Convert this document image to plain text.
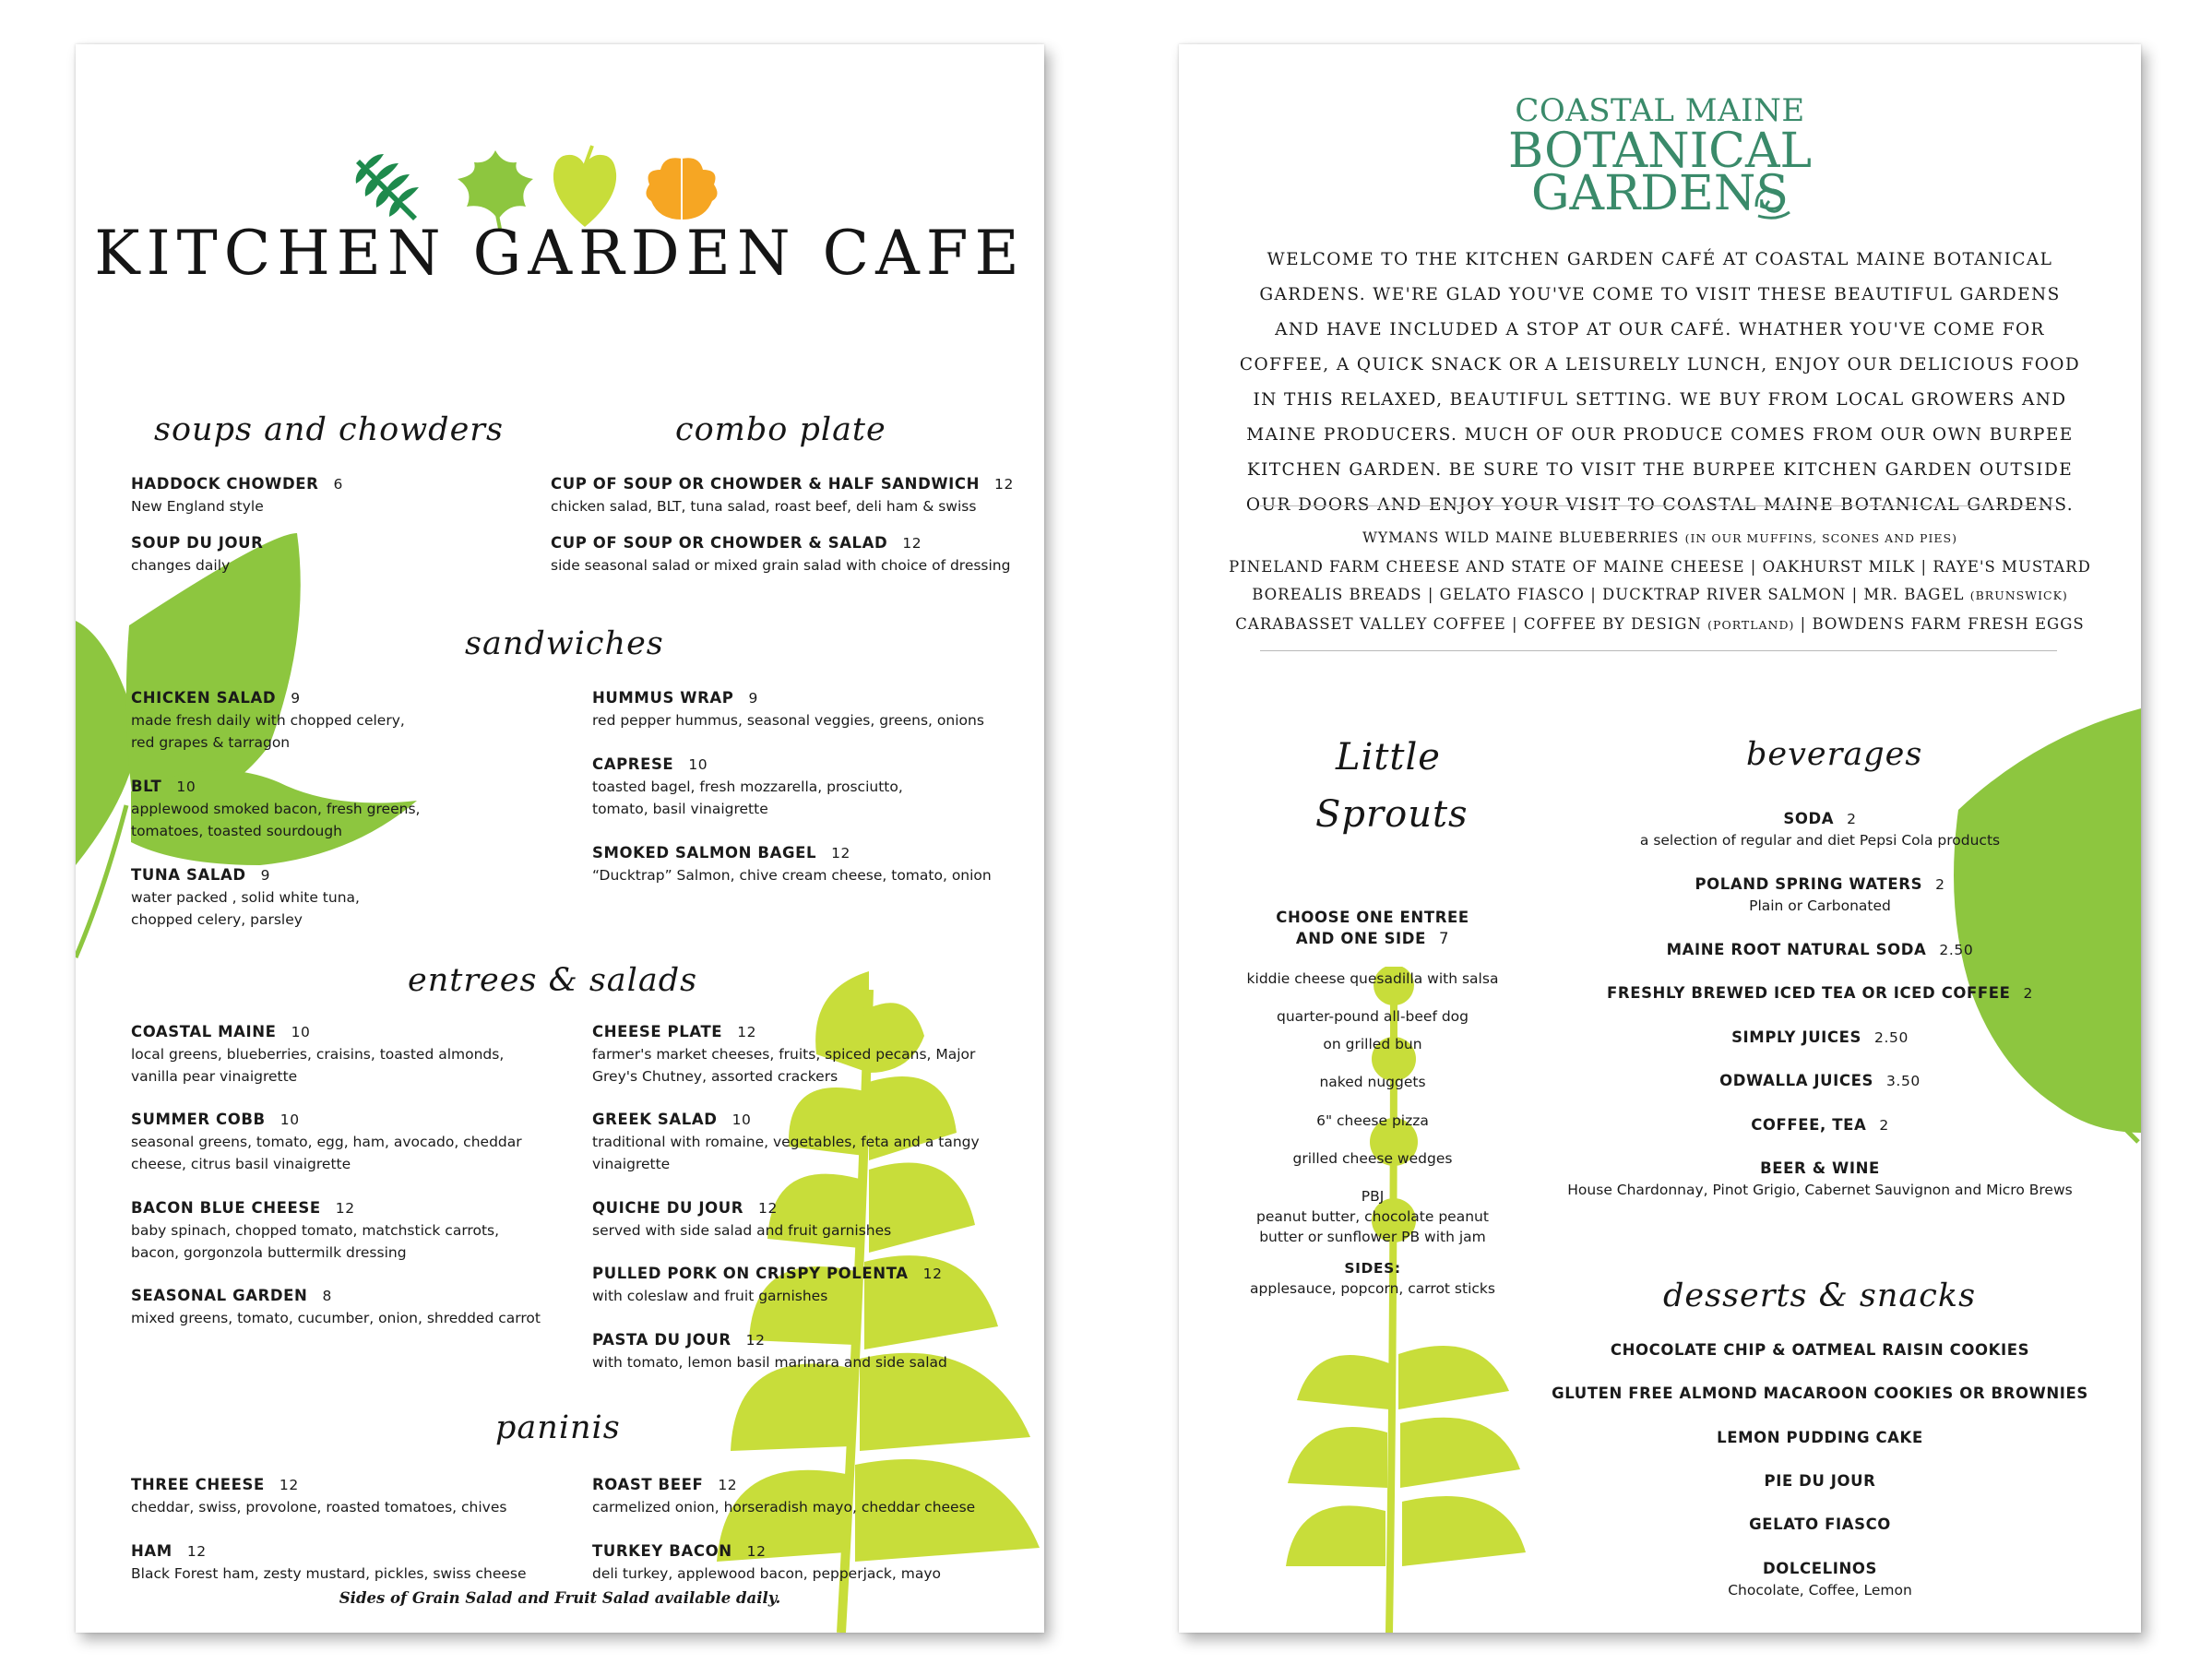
KITCHEN GARDEN CAFE
soups and chowders	combo plate
sandwiches
entrees & salads
paninis
HADDOCK CHOWDER 6
New England style
SOUP DU JOUR
changes daily
CUP OF SOUP OR CHOWDER & HALF SANDWICH 12
chicken salad, BLT, tuna salad, roast beef, deli ham & swiss
CUP OF SOUP OR CHOWDER & SALAD 12
side seasonal salad or mixed grain salad with choice of dressing
CHICKEN SALAD 9
made fresh daily with chopped celery,
red grapes & tarragon
BLT 10
applewood smoked bacon, fresh greens,
tomatoes, toasted sourdough
TUNA SALAD 9
water packed , solid white tuna,
chopped celery, parsley
HUMMUS WRAP 9
red pepper hummus, seasonal veggies, greens, onions
CAPRESE 10
toasted bagel, fresh mozzarella, prosciutto,
tomato, basil vinaigrette
SMOKED SALMON BAGEL 12
“Ducktrap” Salmon, chive cream cheese, tomato, onion
COASTAL MAINE 10
local greens, blueberries, craisins, toasted almonds,
vanilla pear vinaigrette
SUMMER COBB 10
seasonal greens, tomato, egg, ham, avocado, cheddar
cheese, citrus basil vinaigrette
BACON BLUE CHEESE 12
baby spinach, chopped tomato, matchstick carrots,
bacon, gorgonzola buttermilk dressing
SEASONAL GARDEN 8
mixed greens, tomato, cucumber, onion, shredded carrot
CHEESE PLATE 12
farmer's market cheeses, fruits, spiced pecans, Major
Grey's Chutney, assorted crackers
GREEK SALAD 10
traditional with romaine, vegetables, feta and a tangy
vinaigrette
QUICHE DU JOUR 12
served with side salad and fruit garnishes
PULLED PORK ON CRISPY POLENTA 12
with coleslaw and fruit garnishes
PASTA DU JOUR 12
with tomato, lemon basil marinara and side salad
THREE CHEESE 12
cheddar, swiss, provolone, roasted tomatoes, chives
HAM 12
Black Forest ham, zesty mustard, pickles, swiss cheese
ROAST BEEF 12
carmelized onion, horseradish mayo, cheddar cheese
TURKEY BACON 12
deli turkey, applewood bacon, pepperjack, mayo
Sides of Grain Salad and Fruit Salad available daily.
COASTAL MAINE
BOTANICAL
GARDENS
WELCOME TO THE KITCHEN GARDEN CAFÉ AT COASTAL MAINE BOTANICAL GARDENS. WE'RE GLAD YOU'VE COME TO VISIT THESE BEAUTIFUL GARDENS AND HAVE INCLUDED A STOP AT OUR CAFÉ. WHATHER YOU'VE COME FOR COFFEE, A QUICK SNACK OR A LEISURELY LUNCH, ENJOY OUR DELICIOUS FOOD IN THIS RELAXED, BEAUTIFUL SETTING. WE BUY FROM LOCAL GROWERS AND MAINE PRODUCERS. MUCH OF OUR PRODUCE COMES FROM OUR OWN BURPEE KITCHEN GARDEN. BE SURE TO VISIT THE BURPEE KITCHEN GARDEN OUTSIDE OUR DOORS AND ENJOY YOUR VISIT TO COASTAL MAINE BOTANICAL GARDENS.
WYMANS WILD MAINE BLUEBERRIES (IN OUR MUFFINS, SCONES AND PIES)
PINELAND FARM CHEESE AND STATE OF MAINE CHEESE | OAKHURST MILK | RAYE'S MUSTARD
BOREALIS BREADS | GELATO FIASCO | DUCKTRAP RIVER SALMON | MR. BAGEL (BRUNSWICK)
CARABASSET VALLEY COFFEE | COFFEE BY DESIGN (PORTLAND) | BOWDENS FARM FRESH EGGS
Little
Sprouts
CHOOSE ONE ENTREE
AND ONE SIDE 7
kiddie cheese quesadilla with salsa
quarter-pound all-beef dog
on grilled bun
naked nuggets
6" cheese pizza
grilled cheese wedges
PBJ
peanut butter, chocolate peanut
butter or sunflower PB with jam
SIDES:
applesauce, popcorn, carrot sticks
beverages
SODA 2
a selection of regular and diet Pepsi Cola products
POLAND SPRING WATERS 2
Plain or Carbonated
MAINE ROOT NATURAL SODA 2.50
FRESHLY BREWED ICED TEA OR ICED COFFEE 2
SIMPLY JUICES 2.50
ODWALLA JUICES 3.50
COFFEE, TEA 2
BEER & WINE
House Chardonnay, Pinot Grigio, Cabernet Sauvignon and Micro Brews
desserts & snacks
CHOCOLATE CHIP & OATMEAL RAISIN COOKIES
GLUTEN FREE ALMOND MACAROON COOKIES OR BROWNIES
LEMON PUDDING CAKE
PIE DU JOUR
GELATO FIASCO
DOLCELINOS
Chocolate, Coffee, Lemon
